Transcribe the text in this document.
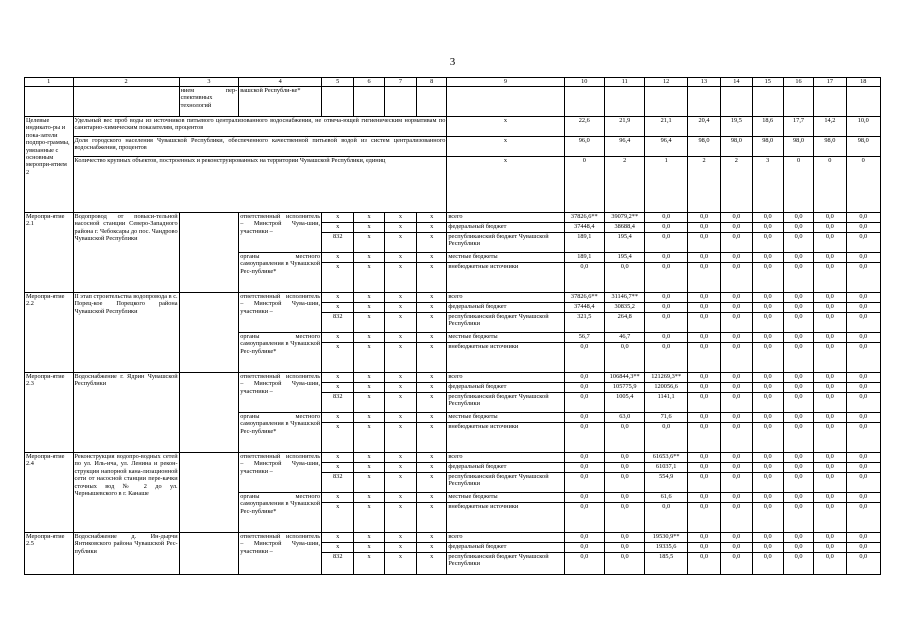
3
1	2	3	4	5	6	7	8	9	10	11	12	13	14	15	16	17	18
		нием пер-спективных технологий	вашской Республи-ке*														
Целевые индикато-ры и пока-затели подпро-граммы, увязанные с основным меропри-ятием 2	Удельный вес проб воды из источников питьевого централизованного водоснабжения, не отвеча-ющей гигиеническим нормативам по санитарно-химическим показателям, процентов							x	22,6	21,9	21,1	20,4	19,5	18,6	17,7	14,2	10,0
	Доля городского населения Чувашской Республики, обеспеченного качественной питьевой водой из систем централизованного водоснабжения, процентов							x	96,0	96,4	96,4	98,0	98,0	98,0	98,0	98,0	98,0
	Количество крупных объектов, построенных и реконструированных на территории Чувашской Республики, единиц							x	0	2	1	2	2	3	0	0	0
Меропри-ятие 2.1	Водопровод от повыси-тельной насосной станции Северо-Западного района г. Чебоксары до пос. Чандрово Чувашской Республики		ответственный исполнитель – Минстрой Чува-шии, участники –	x	x	x	x	всего	37826,6**	39079,2**	0,0	0,0	0,0	0,0	0,0	0,0	0,0
				x	x	x	x	федеральный бюджет	37448,4	38688,4	0,0	0,0	0,0	0,0	0,0	0,0	0,0
				832	x	x	x	республиканский бюджет Чувашской Республики	189,1	195,4	0,0	0,0	0,0	0,0	0,0	0,0	0,0
			органы местного самоуправления в Чувашской Рес-публике*	x	x	x	x	местные бюджеты	189,1	195,4	0,0	0,0	0,0	0,0	0,0	0,0	0,0
				x	x	x	x	внебюджетные источники	0,0	0,0	0,0	0,0	0,0	0,0	0,0	0,0	0,0
Меропри-ятие 2.2	II этап строительства водопровода в с. Порец-кое Порецкого района Чувашской Республики		ответственный исполнитель – Минстрой Чува-шии, участники –	x	x	x	x	всего	37826,6**	31146,7**	0,0	0,0	0,0	0,0	0,0	0,0	0,0
				x	x	x	x	федеральный бюджет	37448,4	30835,2	0,0	0,0	0,0	0,0	0,0	0,0	0,0
				832	x	x	x	республиканский бюджет Чувашской Республики	321,5	264,8	0,0	0,0	0,0	0,0	0,0	0,0	0,0
			органы местного самоуправления в Чувашской Рес-публике*	x	x	x	x	местные бюджеты	56,7	46,7	0,0	0,0	0,0	0,0	0,0	0,0	0,0
				x	x	x	x	внебюджетные источники	0,0	0,0	0,0	0,0	0,0	0,0	0,0	0,0	0,0
Меропри-ятие 2.3	Водоснабжение г. Ядрин Чувашской Республики		ответственный исполнитель – Минстрой Чува-шии, участники –	x	x	x	x	всего	0,0	106844,3**	121269,3**	0,0	0,0	0,0	0,0	0,0	0,0
				x	x	x	x	федеральный бюджет	0,0	105775,9	120056,6	0,0	0,0	0,0	0,0	0,0	0,0
				832	x	x	x	республиканский бюджет Чувашской Республики	0,0	1005,4	1141,1	0,0	0,0	0,0	0,0	0,0	0,0
			органы местного самоуправления в Чувашской Рес-публике*	x	x	x	x	местные бюджеты	0,0	63,0	71,6	0,0	0,0	0,0	0,0	0,0	0,0
				x	x	x	x	внебюджетные источники	0,0	0,0	0,0	0,0	0,0	0,0	0,0	0,0	0,0
Меропри-ятие 2.4	Реконструкция водопро-водных сетей по ул. Иль-ича, ул. Ленина и рекон-струкция напорной кана-лизационной сети от насосной станции пере-качки сточных вод № 2 до ул. Чернышевского в г. Канаше		ответственный исполнитель – Минстрой Чува-шии, участники –	x	x	x	x	всего	0,0	0,0	61653,6**	0,0	0,0	0,0	0,0	0,0	0,0
				x	x	x	x	федеральный бюджет	0,0	0,0	61037,1	0,0	0,0	0,0	0,0	0,0	0,0
				832	x	x	x	республиканский бюджет Чувашской Республики	0,0	0,0	554,9	0,0	0,0	0,0	0,0	0,0	0,0
			органы местного самоуправления в Чувашской Рес-публике*	x	x	x	x	местные бюджеты	0,0	0,0	61,6	0,0	0,0	0,0	0,0	0,0	0,0
				x	x	x	x	внебюджетные источники	0,0	0,0	0,0	0,0	0,0	0,0	0,0	0,0	0,0
Меропри-ятие 2.5	Водоснабжение д. Ин-дырчи Янтиковского района Чувашской Рес-публики		ответственный исполнитель – Минстрой Чува-шии, участники –	x	x	x	x	всего	0,0	0,0	19530,9**	0,0	0,0	0,0	0,0	0,0	0,0
				x	x	x	x	федеральный бюджет	0,0	0,0	19335,6	0,0	0,0	0,0	0,0	0,0	0,0
				832	x	x	x	республиканский бюджет Чувашской Республики	0,0	0,0	185,5	0,0	0,0	0,0	0,0	0,0	0,0
